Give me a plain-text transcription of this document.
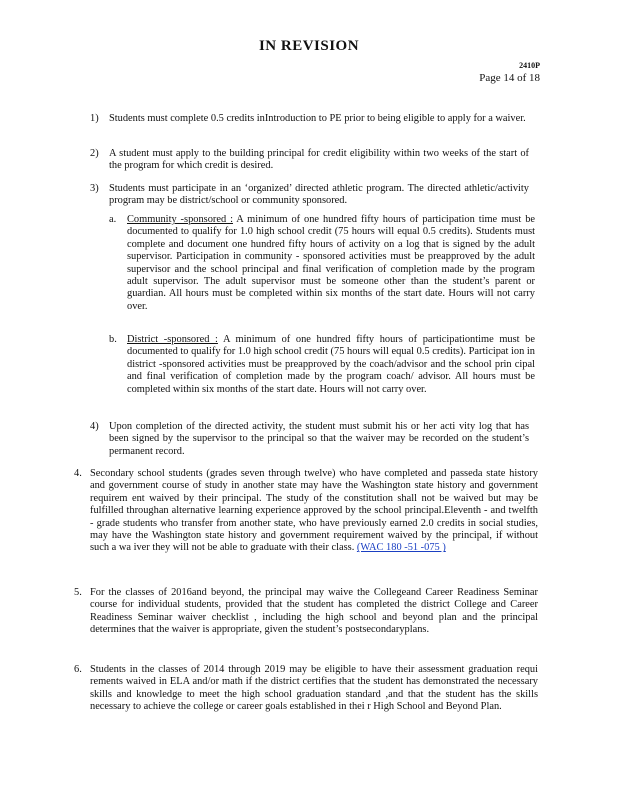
IN REVISION
2410P
Page 14 of 18
1) Students must complete 0.5 credits inIntroduction to PE prior to being eligible to apply for a waiver.

2) A student must apply to the building principal for credit eligibility within two weeks of the start of the program for which credit is desired.

3) Students must participate in an ‘organized’ directed athletic program. The directed athletic/activity program may be district/school or community sponsored.

a. Community -sponsored : A minimum of one hundred fifty hours of participation time must be documented to qualify for 1.0 high school credit (75 hours will equal 0.5 credits). Students must complete and document one hundred fifty hours of activity on a log that is signed by the adult supervisor. Participation in community - sponsored activities must be preapproved by the adult supervisor and the school principal and final verification of completion made by the program adult supervisor. The adult supervisor must be someone other than the student’s parent or guardian. All hours must be completed within six months of the start date. Hours will not carry over.

b. District -sponsored : A minimum of one hundred fifty hours of participationtime must be documented to qualify for 1.0 high school credit (75 hours will equal 0.5 credits). Participat ion in district -sponsored activities must be preapproved by the coach/advisor and the school prin cipal and final verification of completion made by the program coach/ advisor. All hours must be completed within six months of the start date. Hours will not carry over.

4) Upon completion of the directed activity, the student must submit his or her acti vity log that has been signed by the supervisor to the principal so that the waiver may be recorded on the student’s permanent record.

4. Secondary school students (grades seven through twelve) who have completed and passeda state history and government course of study in another state may have the Washington state history and government requirem ent waived by their principal. The study of the constitution shall not be waived but may be fulfilled throughan alternative learning experience approved by the school principal.Eleventh - and twelfth - grade students who transfer from another state, who have previously earned 2.0 credits in social studies, may have the Washington state history and government requirement waived by the principal, if without such a wa iver they will not be able to graduate with their class. (WAC 180 -51 -075 )

5. For the classes of 2016and beyond, the principal may waive the Collegeand Career Readiness Seminar course for individual students, provided that the student has completed the district College and Career Readiness Seminar waiver checklist , including the high school and beyond plan and the principal determines that the waiver is appropriate, given the student’s postsecondaryplans.

6. Students in the classes of 2014 through 2019 may be eligible to have their assessment graduation requi rements waived in ELA and/or math if the district certifies that the student has demonstrated the necessary skills and knowledge to meet the high school graduation standard ,and that the student has the skills necessary to achieve the college or career goals established in thei r High School and Beyond Plan.
